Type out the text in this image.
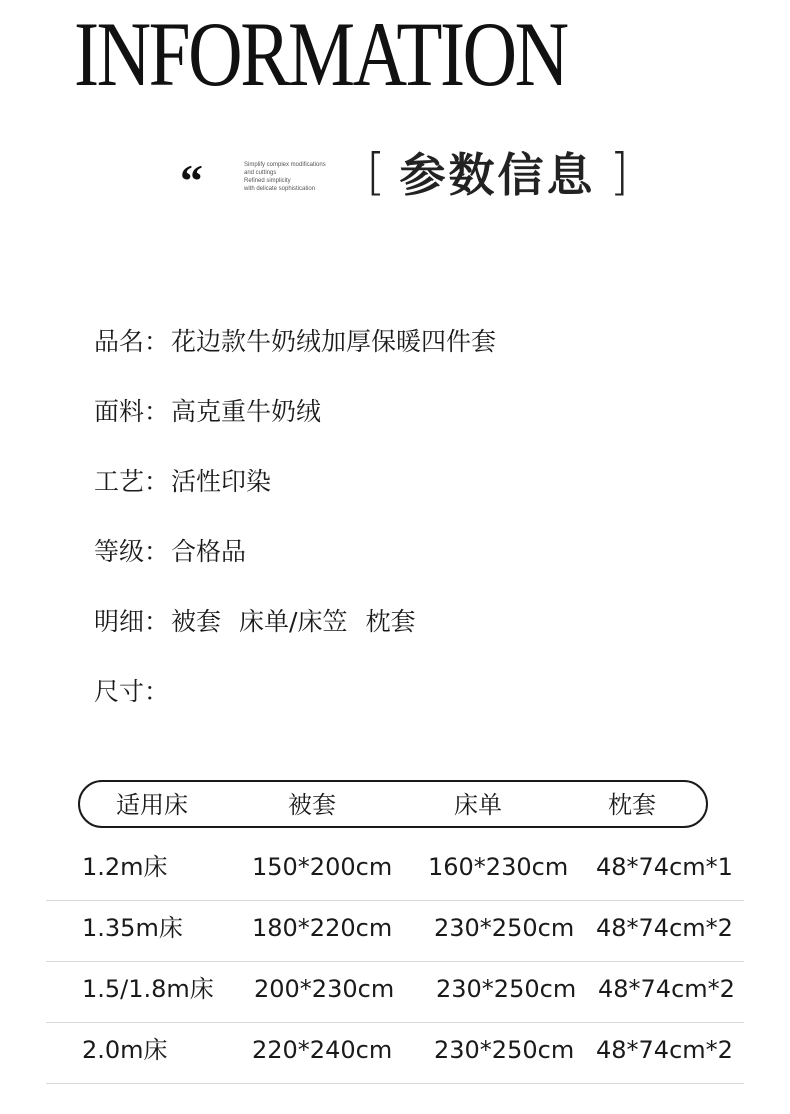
INFORMATION
“	Simplify complex modifications
and cuttings
Refined simplicity
with delicate sophistication	[ 参数信息 ]
品名： 花边款牛奶绒加厚保暖四件套
面料： 高克重牛奶绒
工艺： 活性印染
等级： 合格品
明细： 被套 床单/床笠 枕套
尺寸：
适用床	被套	床单	枕套
1.2m床	150*200cm 160*230cm 48*74cm*1
1.35m床	180*220cm 230*250cm 48*74cm*2
1.5/1.8m床 200*230cm 230*250cm 48*74cm*2
2.0m床	220*240cm 230*250cm 48*74cm*2
